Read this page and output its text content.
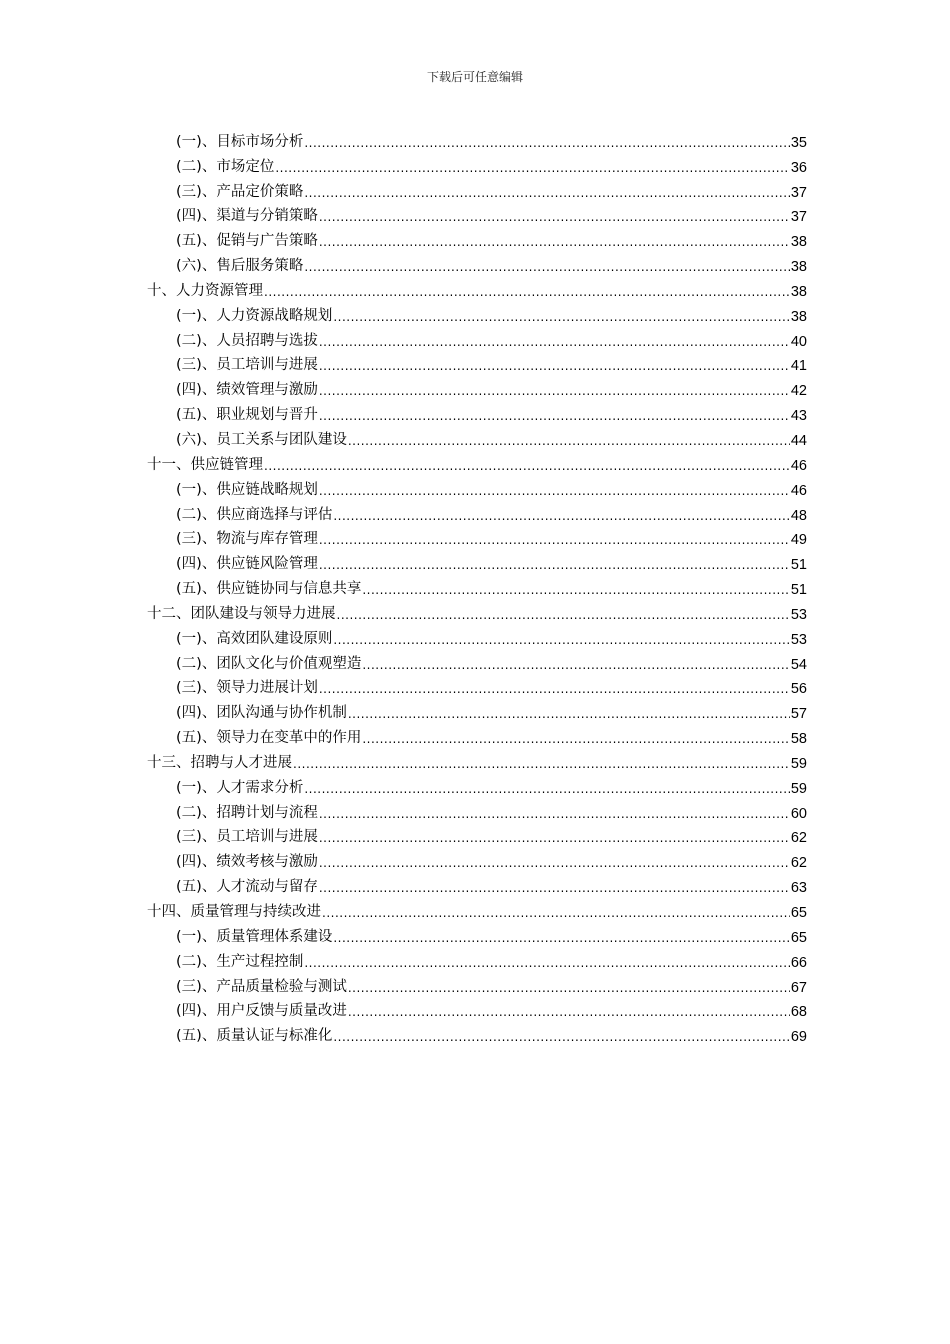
下载后可任意编辑
(一)、目标市场分析 .....	35
(二)、市场定位 .....	36
(三)、产品定价策略 .....	37
(四)、渠道与分销策略 .....	37
(五)、促销与广告策略 .....	38
(六)、售后服务策略 .....	38
十、人力资源管理 .....	38
(一)、人力资源战略规划 .....	38
(二)、人员招聘与选拔 .....	40
(三)、员工培训与进展 .....	41
(四)、绩效管理与激励 .....	42
(五)、职业规划与晋升 .....	43
(六)、员工关系与团队建设 .....	44
十一、供应链管理 .....	46
(一)、供应链战略规划 .....	46
(二)、供应商选择与评估 .....	48
(三)、物流与库存管理 .....	49
(四)、供应链风险管理 .....	51
(五)、供应链协同与信息共享 .....	51
十二、团队建设与领导力进展 .....	53
(一)、高效团队建设原则 .....	53
(二)、团队文化与价值观塑造 .....	54
(三)、领导力进展计划 .....	56
(四)、团队沟通与协作机制 .....	57
(五)、领导力在变革中的作用 .....	58
十三、招聘与人才进展 .....	59
(一)、人才需求分析 .....	59
(二)、招聘计划与流程 .....	60
(三)、员工培训与进展 .....	62
(四)、绩效考核与激励 .....	62
(五)、人才流动与留存 .....	63
十四、质量管理与持续改进 .....	65
(一)、质量管理体系建设 .....	65
(二)、生产过程控制 .....	66
(三)、产品质量检验与测试 .....	67
(四)、用户反馈与质量改进 .....	68
(五)、质量认证与标准化 .....	69
